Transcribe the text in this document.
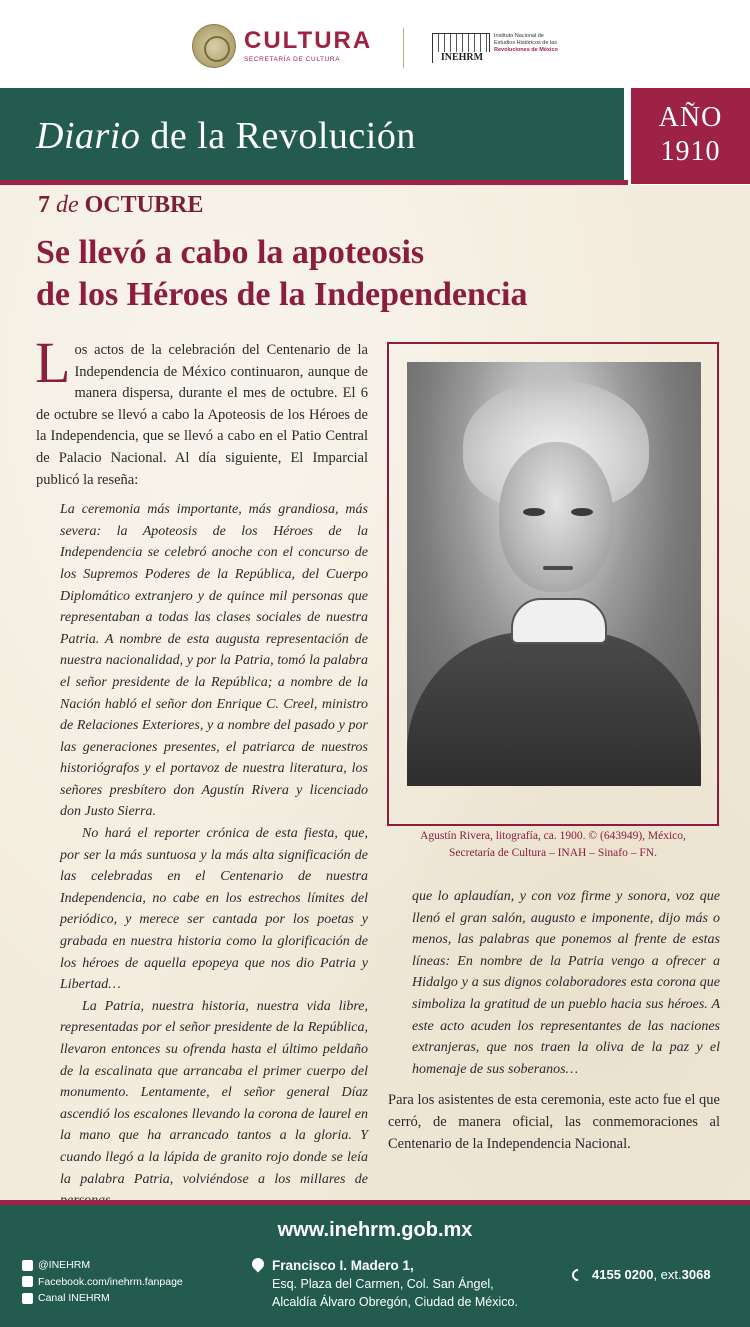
CULTURA
SECRETARÍA DE CULTURA	INEHRM
Instituto Nacional de
Estudios Históricos de las
Revoluciones de México
Diario de la Revolución	AÑO
1910
7 de OCTUBRE
Se llevó a cabo la apoteosis
de los Héroes de la Independencia

Los actos de la celebración del Centenario de la Independencia de México continuaron, aunque de manera dispersa, durante el mes de octubre. El 6 de octubre se llevó a cabo la Apoteosis de los Héroes de la Independencia, que se llevó a cabo en el Patio Central de Palacio Nacional. Al día siguiente, El Imparcial publicó la reseña:

La ceremonia más importante, más grandiosa, más severa: la Apoteosis de los Héroes de la Independencia se celebró anoche con el concurso de los Supremos Poderes de la República, del Cuerpo Diplomático extranjero y de quince mil personas que representaban a todas las clases sociales de nuestra Patria. A nombre de esta augusta representación de nuestra nacionalidad, y por la Patria, tomó la palabra el señor presidente de la República; a nombre de la Nación habló el señor don Enrique C. Creel, ministro de Relaciones Exteriores, y a nombre del pasado y por las generaciones presentes, el patriarca de nuestros historiógrafos y el portavoz de nuestra literatura, los señores presbítero don Agustín Rivera y licenciado don Justo Sierra.

No hará el reporter crónica de esta fiesta, que, por ser la más suntuosa y la más alta significación de las celebradas en el Centenario de nuestra Independencia, no cabe en los estrechos límites del periódico, y merece ser cantada por los poetas y grabada en nuestra historia como la glorificación de los héroes de aquella epopeya que nos dio Patria y Libertad…

La Patria, nuestra historia, nuestra vida libre, representadas por el señor presidente de la República, llevaron entonces su ofrenda hasta el último peldaño de la escalinata que arrancaba el primer cuerpo del monumento. Lentamente, el señor general Díaz ascendió los escalones llevando la corona de laurel en la mano que ha arrancado tantos a la gloria. Y cuando llegó a la lápida de granito rojo donde se leía la palabra Patria, volviéndose a los millares de

Agustín Rivera, litografía, ca. 1900. © (643949), México,
Secretaría de Cultura – INAH – Sinafo – FN.

que lo aplaudían, y con voz firme y sonora, voz que llenó el gran salón, augusto e imponente, dijo más o menos, las palabras que ponemos al frente de estas líneas: En nombre de la Patria vengo a ofrecer a Hidalgo y a sus dignos colaboradores esta corona que simboliza la gratitud de un pueblo hacia sus héroes. A este acto acuden los representantes de las naciones extranjeras, que nos traen la oliva de la paz y el homenaje de sus soberanos…

Para los asistentes de esta ceremonia, este acto fue el que cerró, de manera oficial, las conmemoraciones al Centenario de la Independencia Nacional.

www.inehrm.gob.mx
@INEHRM
Facebook.com/inehrm.fanpage
Canal INEHRM
Francisco I. Madero 1,
Esq. Plaza del Carmen, Col. San Ángel,
Alcaldía Álvaro Obregón, Ciudad de México.
4155 0200 , ext. 3068
